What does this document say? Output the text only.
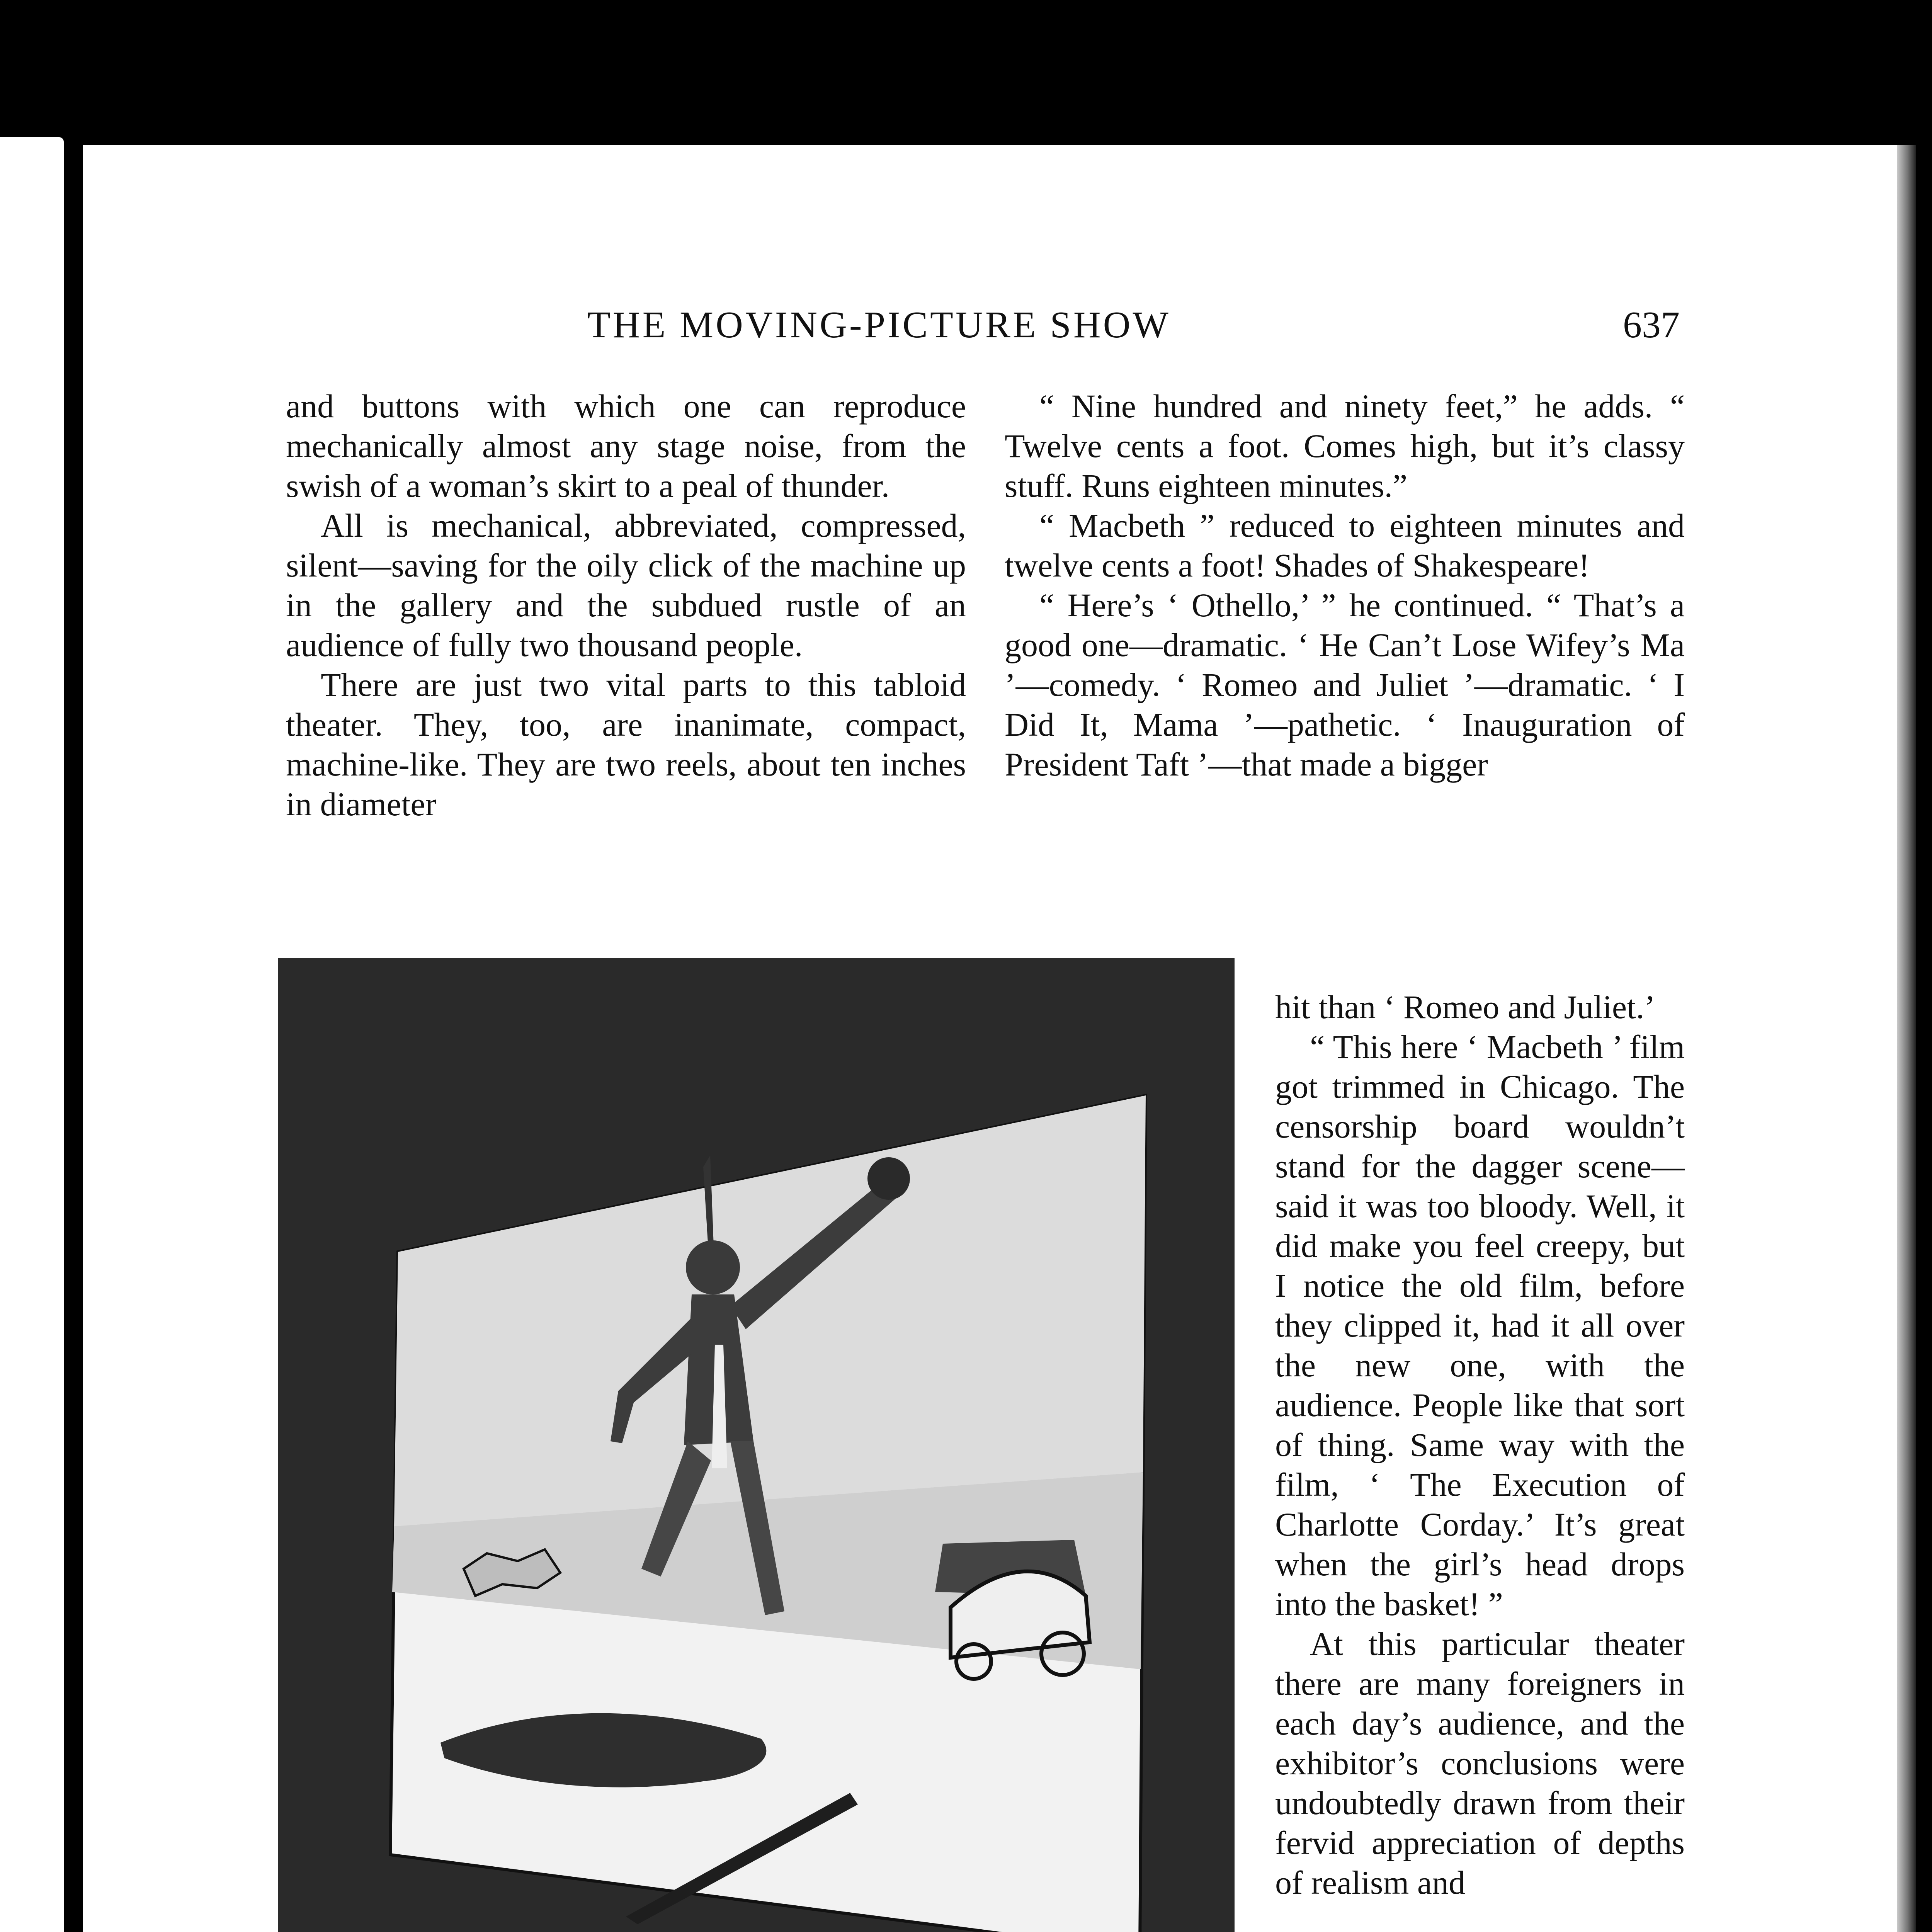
THE MOVING-PICTURE SHOW	637

and buttons with which one can reproduce mechanically almost any stage noise, from the swish of a woman’s skirt to a peal of thunder.

All is mechanical, abbreviated, compressed, silent—saving for the oily click of the machine up in the gallery and the subdued rustle of an audience of fully two thousand people.

There are just two vital parts to this tabloid theater. They, too, are inanimate, compact, machine-like. They are two reels, about ten inches in diameter

“ Nine hundred and ninety feet,” he adds. “ Twelve cents a foot. Comes high, but it’s classy stuff. Runs eighteen minutes.”

“ Macbeth ” reduced to eighteen minutes and twelve cents a foot! Shades of Shakespeare!

“ Here’s ‘ Othello,’ ” he continued. “ That’s a good one—dramatic. ‘ He Can’t Lose Wifey’s Ma ’—comedy. ‘ Romeo and Juliet ’—dramatic. ‘ I Did It, Mama ’—pathetic. ‘ Inauguration of President Taft ’—that made a bigger

hit than ‘ Romeo and Juliet.’

“ This here ‘ Macbeth ’ film got trimmed in Chicago. The censorship board wouldn’t stand for the dagger scene—said it was too bloody. Well, it did make you feel creepy, but I notice the old film, before they clipped it, had it all over the new one, with the audience. People like that sort of thing. Same way with the film, ‘ The Execution of Charlotte Corday.’ It’s great when the girl’s head drops into the basket! ”

At this particular theater there are many foreigners in each day’s audience, and the exhibitor’s conclusions were undoubtedly drawn from their fervid appreciation of depths of realism and
